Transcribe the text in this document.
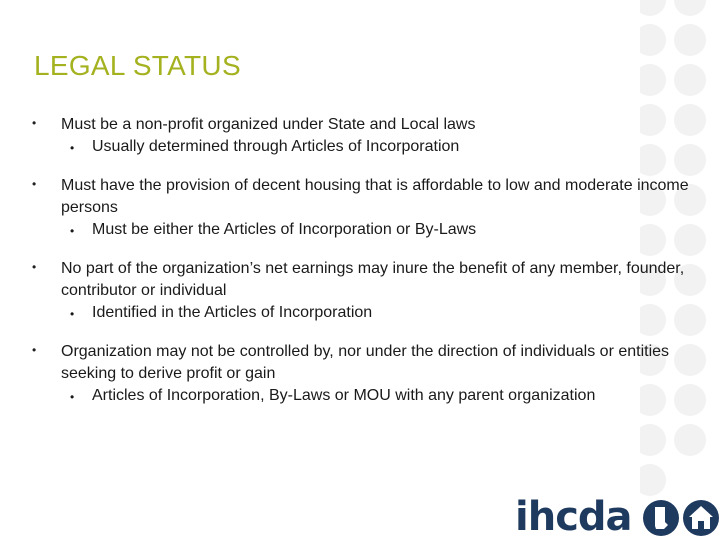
LEGAL STATUS
• Must be a non-profit organized under State and Local laws
• Usually determined through Articles of Incorporation
• Must have the provision of decent housing that is affordable to low and moderate income persons
• Must be either the Articles of Incorporation or By-Laws
• No part of the organization’s net earnings may inure the benefit of any member, founder, contributor or individual
• Identified in the Articles of Incorporation
• Organization may not be controlled by, nor under the direction of individuals or entities seeking to derive profit or gain
• Articles of Incorporation, By-Laws or MOU with any parent organization
ihcda
